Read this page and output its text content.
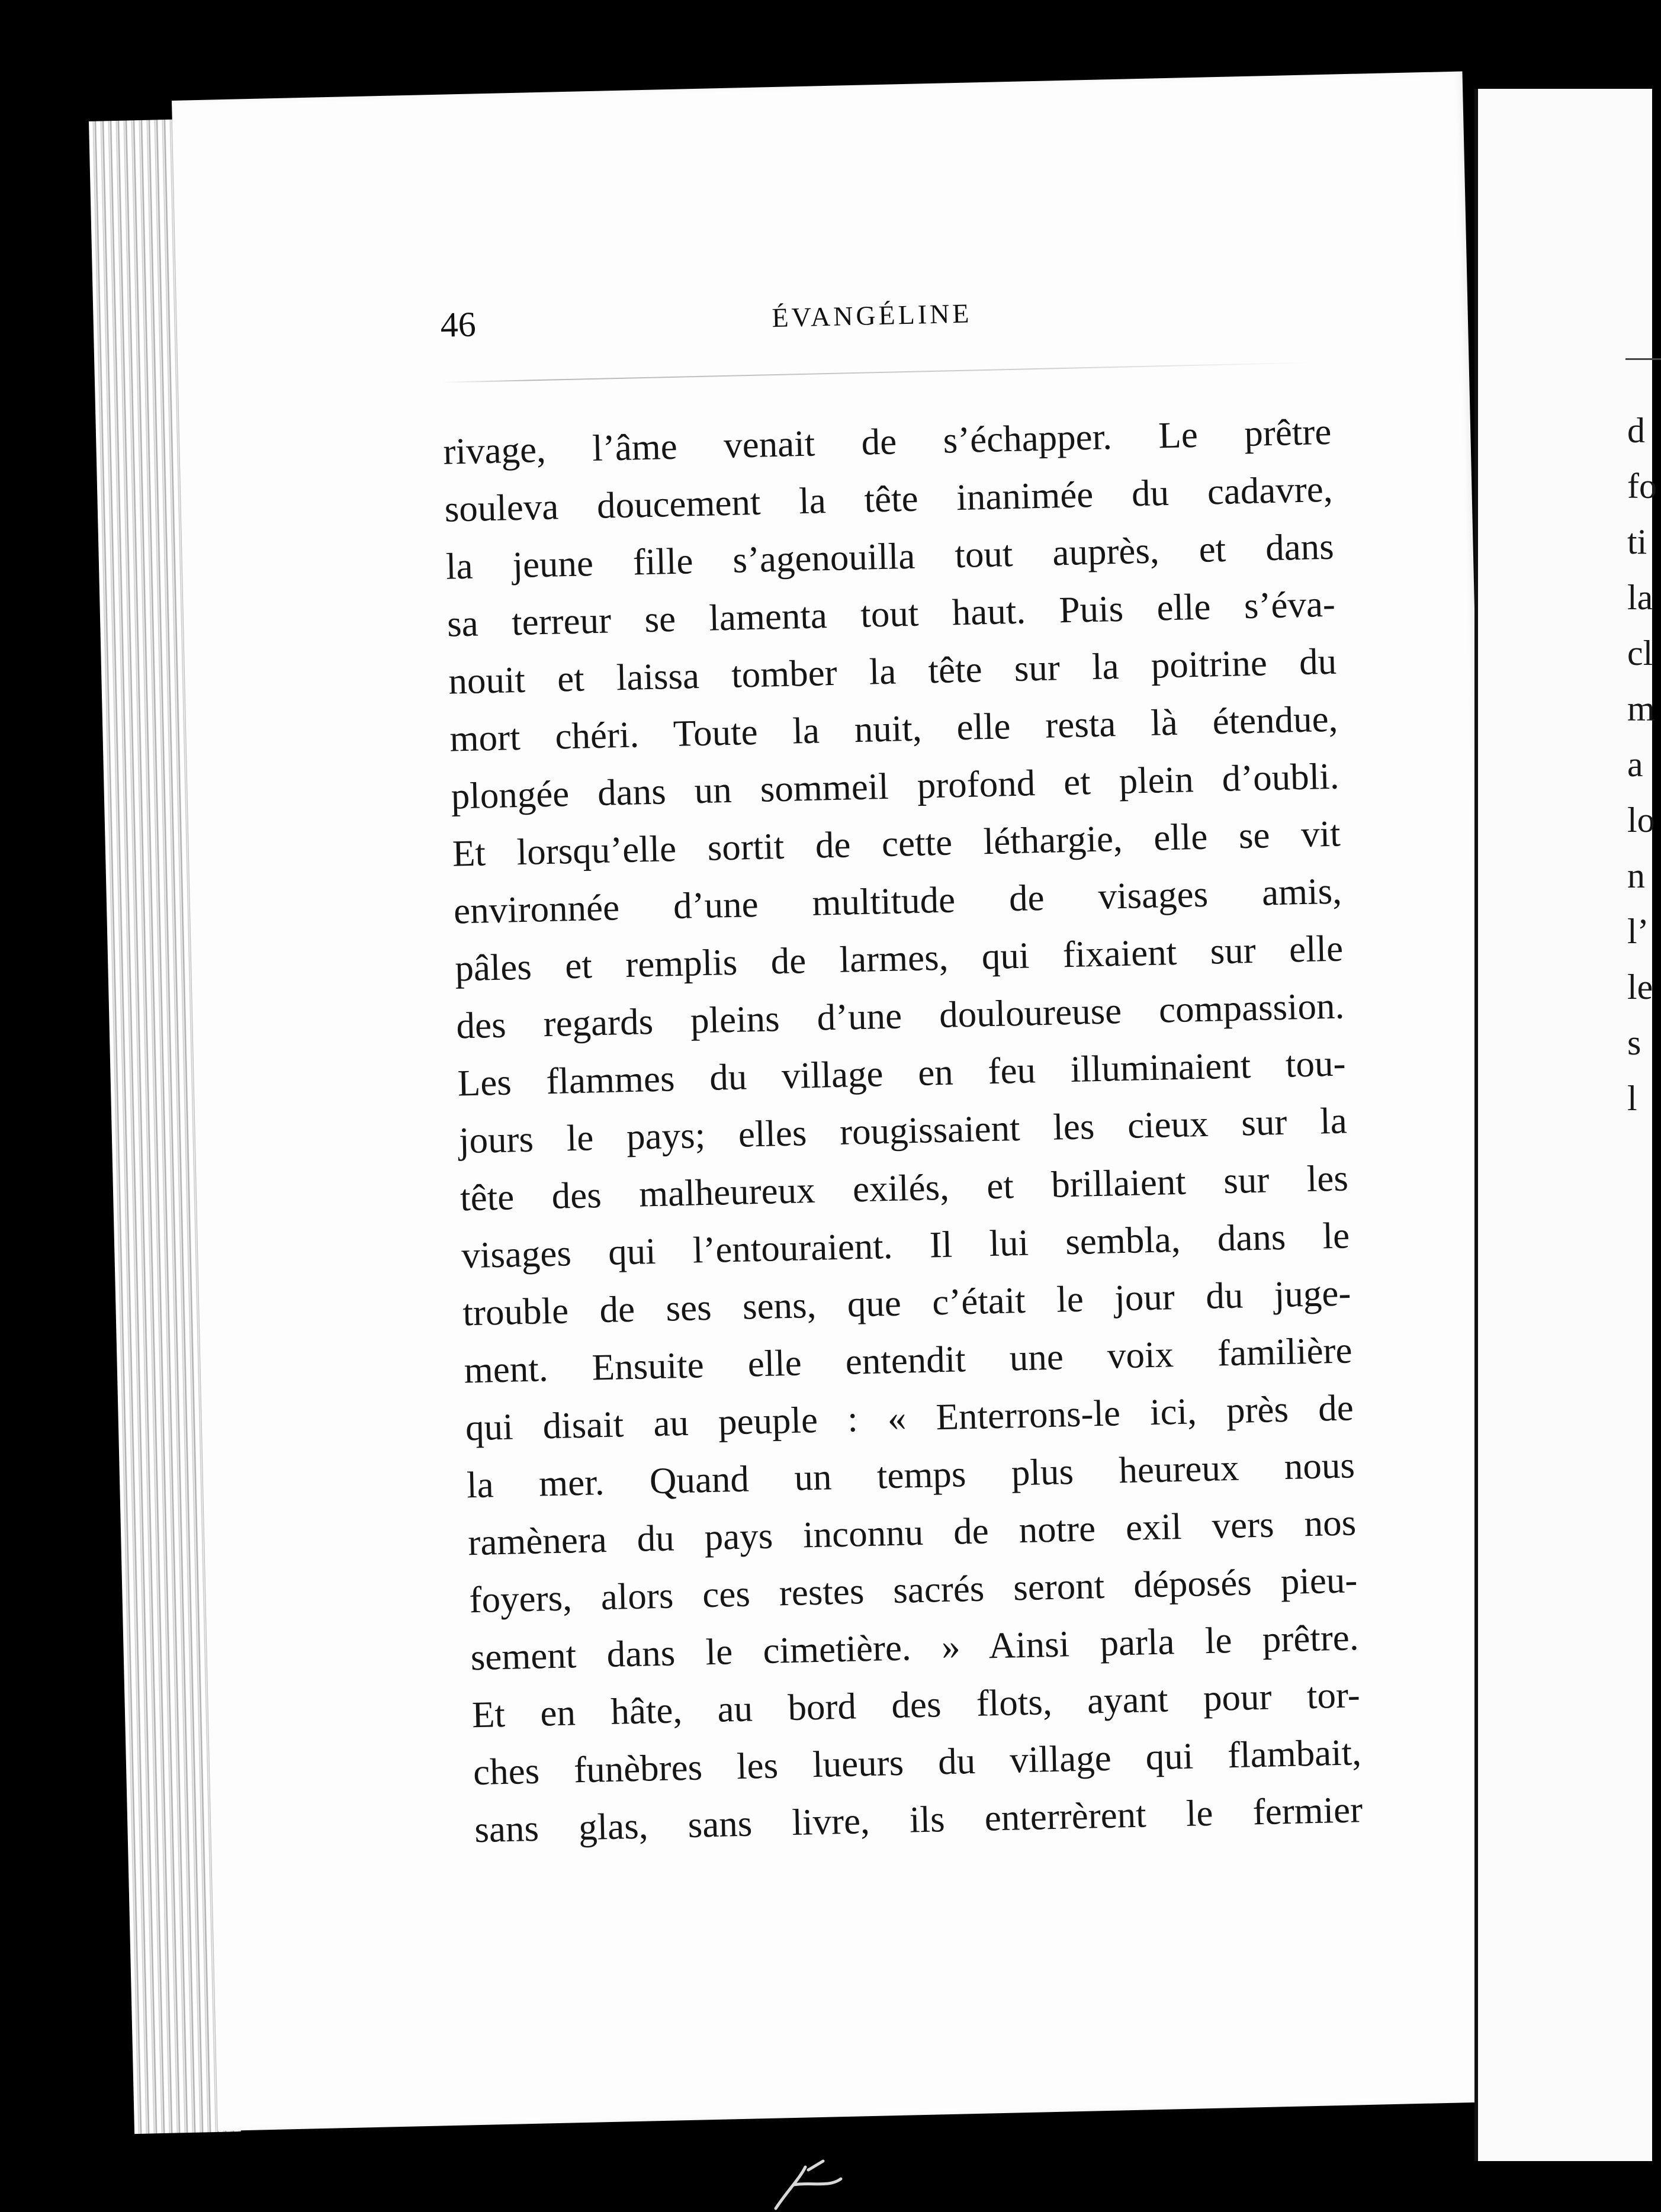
46	ÉVANGÉLINE
rivage, l’âme venait de s’échapper. Le prêtre
souleva doucement la tête inanimée du cadavre,
la jeune fille s’agenouilla tout auprès, et dans
sa terreur se lamenta tout haut. Puis elle s’éva-
nouit et laissa tomber la tête sur la poitrine du
mort chéri. Toute la nuit, elle resta là étendue,
plongée dans un sommeil profond et plein d’oubli.
Et lorsqu’elle sortit de cette léthargie, elle se vit
environnée d’une multitude de visages amis,
pâles et remplis de larmes, qui fixaient sur elle
des regards pleins d’une douloureuse compassion.
Les flammes du village en feu illuminaient tou-
jours le pays; elles rougissaient les cieux sur la
tête des malheureux exilés, et brillaient sur les
visages qui l’entouraient. Il lui sembla, dans le
trouble de ses sens, que c’était le jour du juge-
ment. Ensuite elle entendit une voix familière
qui disait au peuple : « Enterrons-le ici, près de
la mer. Quand un temps plus heureux nous
ramènera du pays inconnu de notre exil vers nos
foyers, alors ces restes sacrés seront déposés pieu-
sement dans le cimetière. » Ainsi parla le prêtre.
Et en hâte, au bord des flots, ayant pour tor-
ches funèbres les lueurs du village qui flambait,
sans glas, sans livre, ils enterrèrent le fermier
d
fo
ti
la
cl
m
a
lo
n
l’
le
s
l
